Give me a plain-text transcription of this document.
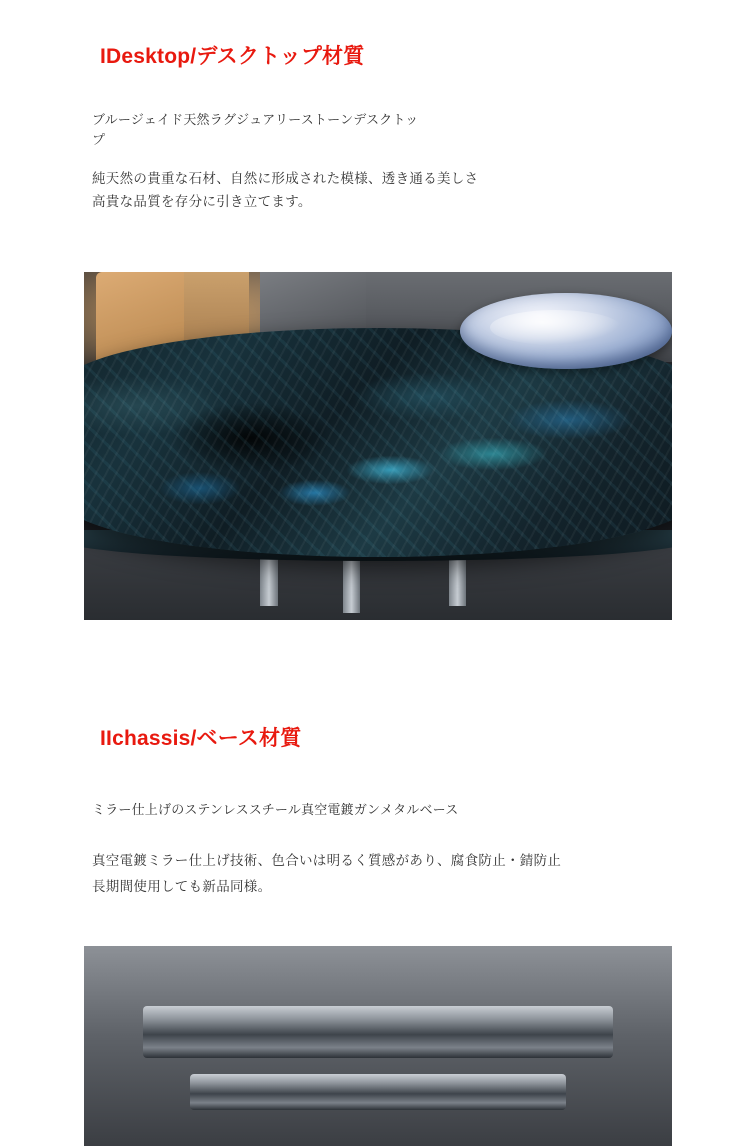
IDesktop/デスクトップ材質
ブルージェイド天然ラグジュアリーストーンデスクトップ
純天然の貴重な石材、自然に形成された模様、透き通る美しさ
高貴な品質を存分に引き立てます。
IIchassis/ベース材質
ミラー仕上げのステンレススチール真空電鍍ガンメタルベース
真空電鍍ミラー仕上げ技術、色合いは明るく質感があり、腐食防止・錆防止
長期間使用しても新品同様。
